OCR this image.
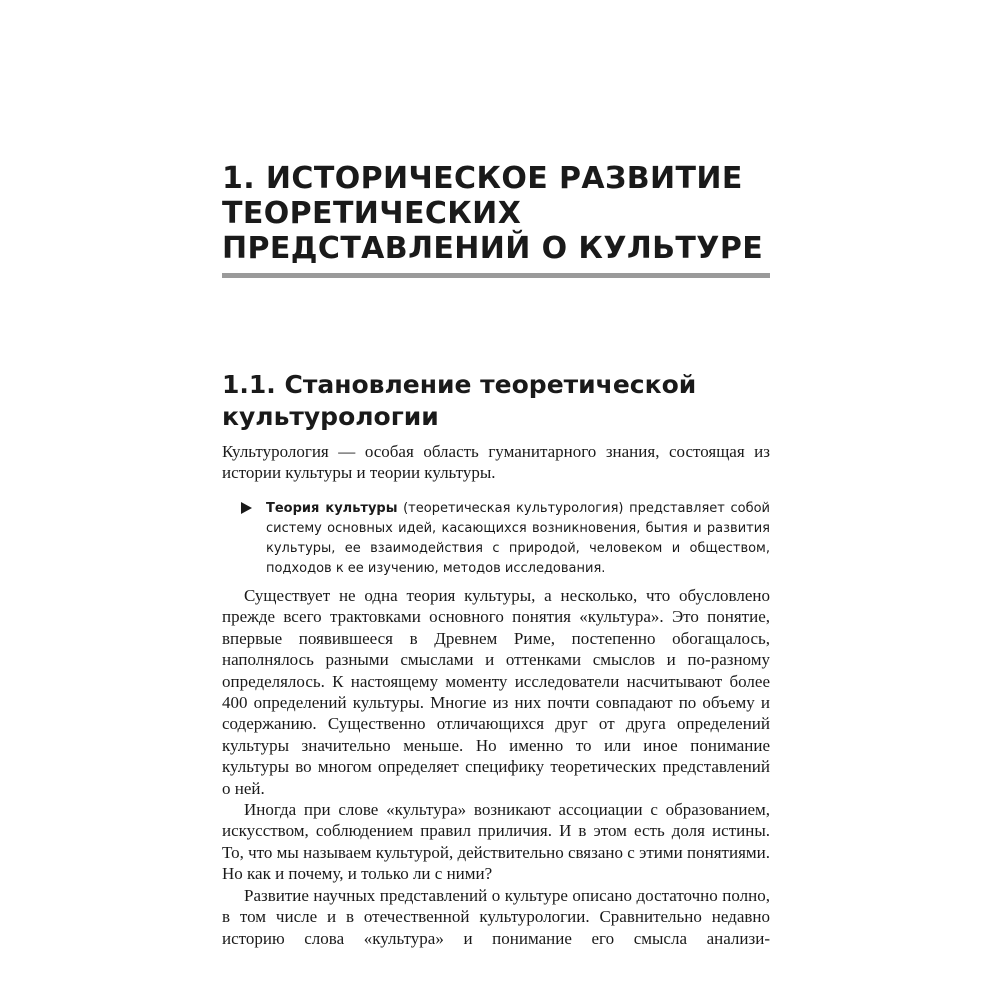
1. ИСТОРИЧЕСКОЕ РАЗВИТИЕ
ТЕОРЕТИЧЕСКИХ
ПРЕДСТАВЛЕНИЙ О КУЛЬТУРЕ
1.1. Становление теоретической
культурологии

Культурология — особая область гуманитарного знания, состоящая из истории культуры и теории культуры.

Теория культуры (теоретическая культурология) представляет собой систему основных идей, касающихся возникновения, бытия и развития культуры, ее взаимодействия с природой, человеком и обществом, подходов к ее изучению, методов исследования.

Существует не одна теория культуры, а несколько, что обусловлено прежде всего трактовками основного понятия «культура». Это понятие, впервые появившееся в Древнем Риме, постепенно обогащалось, наполнялось разными смыслами и оттенками смыслов и по-разному определялось. К настоящему моменту исследователи насчитывают более 400 определений культуры. Многие из них почти совпадают по объему и содержанию. Существенно отличающихся друг от друга определений культуры значительно меньше. Но именно то или иное понимание культуры во многом определяет специфику теоретических представлений о ней.

Иногда при слове «культура» возникают ассоциации с образованием, искусством, соблюдением правил приличия. И в этом есть доля истины. То, что мы называем культурой, действительно связано с этими понятиями. Но как и почему, и только ли с ними?

Развитие научных представлений о культуре описано достаточно полно, в том числе и в отечественной культурологии. Сравнительно недавно историю слова «культура» и понимание его смысла анализи-
